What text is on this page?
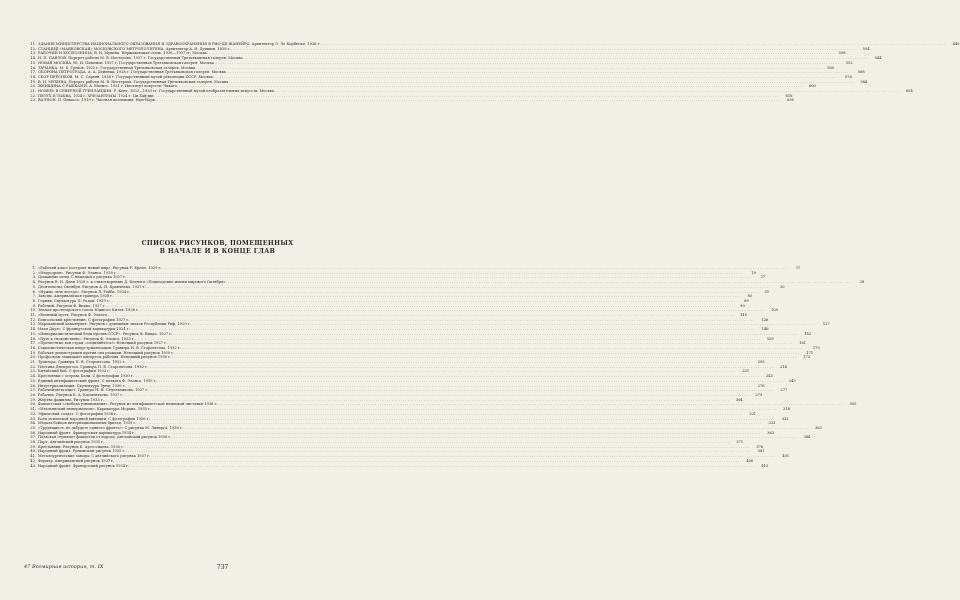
11. ЗДАНИЕ МИНИСТЕРСТВА НАЦИОНАЛЬНОГО ОБРАЗОВАНИЯ И ЗДРАВООХРАНЕНИЯ В РИО-ДЕ-ЖАНЕЙРО. Архитектор Э. Ле Корбюзье. 1936 г. . . .	440
12. СТАНЦИЯ «МАЯКОВСКАЯ» МОСКОВСКОГО МЕТРОПОЛИТЕНА. Архитектор А. Н. Душкин. 1938 г. . . .	504
13. РАБОЧИЙ И КОЛХОЗНИЦА. В. И. Мухина. Нержавеющая сталь. 1936—1937 гг. Москва . . .	508
14. И. П. ПАВЛОВ. Портрет работы М. В. Нестерова. 1937 г. Государственная Третьяковская галерея. Москва . . .	544
15. НОВАЯ МОСКВА. Ю. И. Пименов. 1937 г. Государственная Третьяковская галерея. Москва . . .	552
16. ТАЧАНКА. М. Б. Греков. 1925 г. Государственная Третьяковская галерея. Москва . . .	560
17. ОБОРОНА ПЕТРОГРАДА. А. А. Дейнека. 1928 г. Государственная Третьяковская галерея. Москва . . .	568
18. СБОР ПЕРСИКОВ. М. С. Сарьян. 1938 г. Государственный музей революции СССР. Москва . . .	576
19. В. И. МУХИНА. Портрет работы М. В. Нестерова. Государственная Третьяковская галерея. Москва . . .	584
20. ЖЕНЩИНА С РЫБКАМИ. А. Матисс. 1921 г. Институт искусств. Чикаго . . .	600
21. НОЯБРЬ В СЕВЕРНОЙ ГРЕНЛАНДИИ. Р. Кент. 1932—1933 гг. Государственный музей изобразительных искусств. Москва . . .	604
22. ПЕТУХ И ТЫКВА. 1924 г. ХРИЗАНТЕМЫ. 1924 г. Ци Бай-ши . . .	616
23. ВАЛНОН. П. Пикассо. 1919 г. Частная коллекция. Нью-Йорк . . .	636
СПИСОК РИСУНКОВ, ПОМЕЩЕННЫХ
В НАЧАЛЕ И В КОНЦЕ ГЛАВ
1. «Рабочий класс построит новый мир». Рисунок Р. Брене. 1929 г. . . .	17
2. «Индустрия». Рисунок Ф. Эланса. 1928 г. . . .	19
3. Домашние печи. С немецкого рисунка 1927 г. . . .	27
4. Рисунок В. Н. Дени 1928 г. к стихотворению Д. Бедного «Подкладские имени мирового Октября» . . .	28
5. Десятилетие Октября. Рисунок А. И. Кравченко. 1927 г. . . .	30
6. «Нужно лечь всегда». Рисунок Л. Рейба. 1924 г. . . .	51
7. Заводы. Американская гравюра 1928 г. . . .	85
8. Горняк. Скульптура П. Радаи. 1929 г. . . .	89
9. Рабочий. Рисунок Ф. Вицко. 1927 г. . . .	90
10. Значок пролетарского союза Южного Китая. 1928 г. . . .	109
11. «Военный пусть. Рисунок Ф. Эланса. . . .	110
12. Бенгальский крестьянин. С фотографии 1927 г. . . .	126
13. Мароканский кавалерист. Рисунок с денежных знаков Республики Риф. 1929 г. . . .	127
14. Илан Дауэс. С французской карикатуры 1924 г. . . .	146
15. «Империалистический блок против СССР». Рисунок Ф. Вицко. 1927 г. . . .	152
16. «Путь к спокойствию». Рисунок Ф. Эланса. 1933 г. . . .	159
17. «Прелестные вон стран, соединяйтесь!» Немецкий рисунок 1927 г. . . .	161
18. Социалистическая индустриализация. Гравюра Н. В. Старонесова. 1932 г. . . .	170
19. Рабочая демонстрация против сил реакции. Немецкий рисунок 1930 г. . . .	171
20. Профсоюзы защищают интересы рабочих. Немецкий рисунок 1930 г. . . .	173
21. Трактора. Гравюра П. В. Старонесова. 1932 г. . . .	205
22. Плотина Днепрогэса. Гравюра П. В. Старонесова. 1932 г. . . .	214
23. Китайский бой. С фотографии 1932 г. . . .	221
24. Крестьянки с острова Бали. С фотографии 1930 г. . . .	243
25. Единый антифашистский фронт. С плаката Ф. Эланса. 1935 г. . . .	249
26. Индустриализация. Скульптура Эрни. 1930 г. . . .	276
27. Рабочий-металлист. Гравюра Н. Н. Седельникова. 1937 г. . . .	277
28. Рабочие. Рисунок К. А. Клементьева. 1937 г. . . .	279
29. Жертва фашизма. Рисунок 1933 г. . . .	304
30. Фашистская «свобода узникования». Рисунок из антифашистской немецкой листовки 1936 г. . . .	305
31. «Итальянский империализм». Карикатура Морана. 1935 г. . . .	316
32. Эфиопский солдат. С фотографии 1936 г. . . .	321
33. Боец испанской народной милиции. С фотографии 1936 г. . . .	332
34. Медаль бойцов интернациональных бригад. 1939 г. . . .	333
35. «Трудящиеся, не забудьте единого фронта!» С рисунка М. Линерга. 1938 г. . . .	363
36. Народный фронт. Французская карикатура 1934 г. . . .	363
37. Польская серпянет фашистов от народа. Английский рисунок 1936 г. . . .	364
38. Порт. Английский рисунок 1935 г. . . .	371
39. Крестьянин. Рисунок Б. Аугессицева. 1930 г. . . .	376
40. Народный фронт. Румынский рисунок 1935 г. . . .	381
41. Металлургические заводы. С английского рисунка 1937 г. . . .	401
42. Фермер. Американский рисунок 1937 г. . . .	406
43. Народный фронт. Французский рисунок 1934 г. . . .	413
47 Всемирная история, т. IX	737
